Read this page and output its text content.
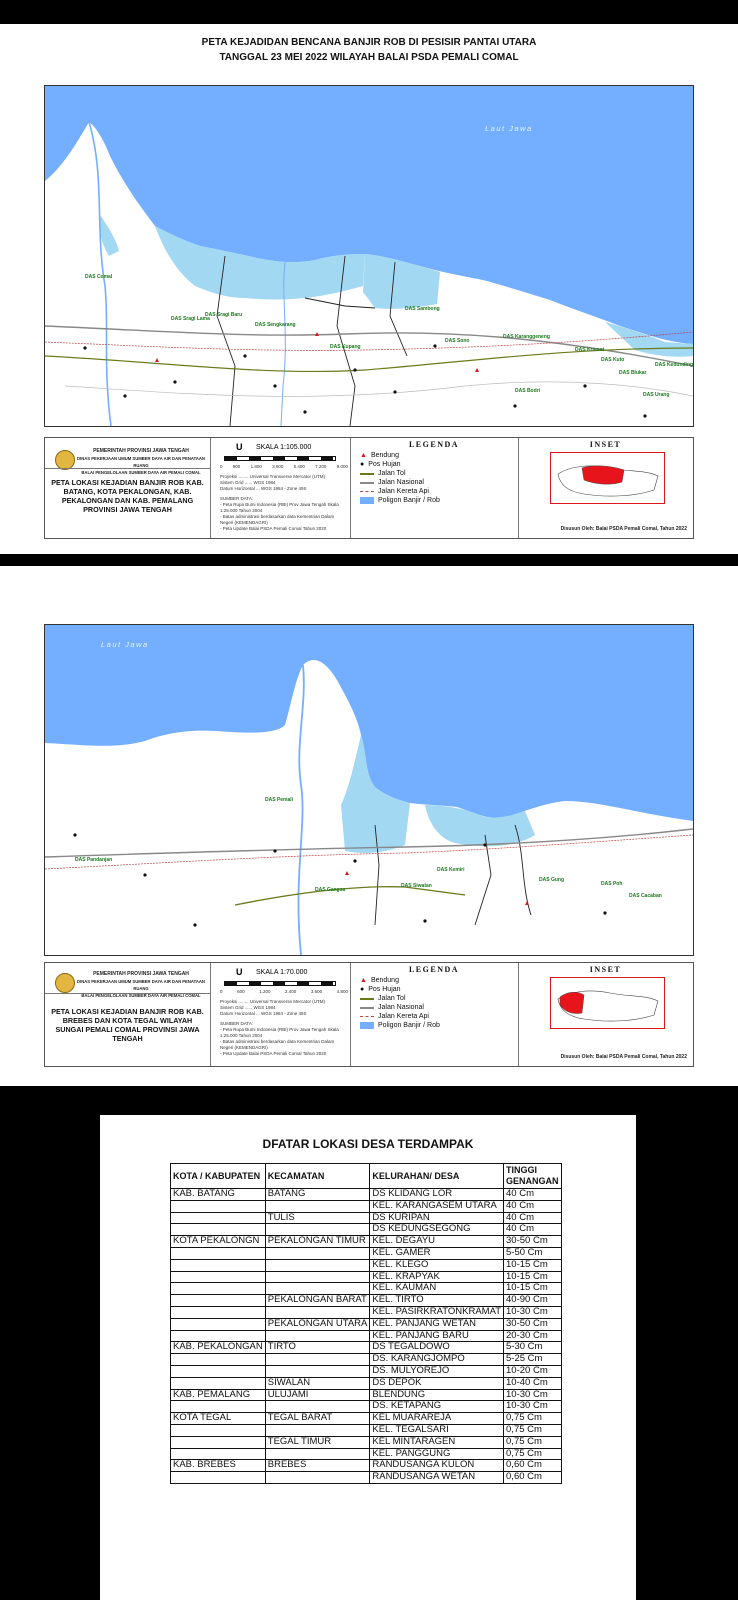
PETA KEJADIDAN BENCANA BANJIR ROB DI PESISIR PANTAI UTARA
TANGGAL 23 MEI 2022 WILAYAH BALAI PSDA PEMALI COMAL
DAS Comal
DAS Sragi Lama
DAS Sengkarang
DAS Sragi Baru
DAS Sambong
DAS Kupang
DAS Sono
DAS Karanggeneng
DAS Kramat
DAS Kuto
DAS Blukar
DAS Kedunding
DAS Urang
DAS Bodri
Laut Jawa
PEMERINTAH PROVINSI JAWA TENGAH
DINAS PEKERJAAN UMUM SUMBER DAYA AIR DAN PENATAAN RUANG
BALAI PENGELOLAAN SUMBER DAYA AIR PEMALI COMAL
PETA LOKASI KEJADIAN BANJIR ROB KAB. BATANG, KOTA PEKALONGAN, KAB. PEKALONGAN DAN KAB. PEMALANG PROVINSI JAWA TENGAH
U SKALA 1:105.000
0 900 1.800 3.600 5.400 7.200 9.000
Proyeksi ........ Universal Transverse Mercator (UTM)
Sistem Grid ...... WGS 1984
Datum Horizontal ... WGS 1984 - Zone 49S
SUMBER DATA:
- Peta Rupa Bumi Indonesia (RBI) Prov Jawa Tengah Skala 1:25.000 Tahun 2004
- Batas administrasi berdasarkan data Kementrian Dalam Negeri (KEMENDAGRI)
- Peta Update Balai PSDA Pemali Comal Tahun 2020
LEGENDA
▲ Bendung
● Pos Hujan
Jalan Tol
Jalan Nasional
Jalan Kereta Api
Poligon Banjir / Rob
INSET
Disusun Oleh: Balai PSDA Pemali Comal, Tahun 2022
DAS Pemali
DAS Pandanjan
DAS Gangsa
DAS Kemiri
DAS Siwatan
DAS Gung
DAS Poh
DAS Cacaban
Laut Jawa
PEMERINTAH PROVINSI JAWA TENGAH
DINAS PEKERJAAN UMUM SUMBER DAYA AIR DAN PENATAAN RUANG
BALAI PENGELOLAAN SUMBER DAYA AIR PEMALI COMAL
PETA LOKASI KEJADIAN BANJIR ROB KAB. BREBES DAN KOTA TEGAL WILAYAH SUNGAI PEMALI COMAL PROVINSI JAWA TENGAH
U SKALA 1:70.000
0	600	1.200	2.400	3.600	4.800
Proyeksi ........ Universal Transverse Mercator (UTM)
Sistem Grid ...... WGS 1984
Datum Horizontal ... WGS 1984 - Zone 49S
SUMBER DATA:
- Peta Rupa Bumi Indonesia (RBI) Prov Jawa Tengah Skala 1:25.000 Tahun 2004
- Batas administrasi berdasarkan data Kementrian Dalam Negeri (KEMENDAGRI)
- Peta Update Balai PSDA Pemali Comal Tahun 2020
LEGENDA
▲ Bendung
● Pos Hujan
Jalan Tol
Jalan Nasional
Jalan Kereta Api
Poligon Banjir / Rob
INSET
Disusun Oleh: Balai PSDA Pemali Comal, Tahun 2022
DFATAR LOKASI DESA TERDAMPAK
KOTA / KABUPATEN	KECAMATAN	KELURAHAN/ DESA	TINGGI GENANGAN
KAB. BATANG	BATANG	DS KLIDANG LOR	40 Cm
		KEL. KARANGASEM UTARA	40 Cm
	TULIS	DS KURIPAN	40 Cm
		DS KEDUNGSEGONG	40 Cm
KOTA PEKALONGN	PEKALONGAN TIMUR	KEL. DEGAYU	30-50 Cm
		KEL. GAMER	5-50 Cm
		KEL. KLEGO	10-15 Cm
		KEL. KRAPYAK	10-15 Cm
		KEL. KAUMAN	10-15 Cm
	PEKALONGAN BARAT	KEL. TIRTO	40-90 Cm
		KEL. PASIRKRATONKRAMAT	10-30 Cm
	PEKALONGAN UTARA	KEL. PANJANG WETAN	30-50 Cm
		KEL. PANJANG BARU	20-30 Cm
KAB. PEKALONGAN	TIRTO	DS TEGALDOWO	5-30 Cm
		DS. KARANGJOMPO	5-25 Cm
		DS. MULYOREJO	10-20 Cm
	SIWALAN	DS DEPOK	10-40 Cm
KAB. PEMALANG	ULUJAMI	BLENDUNG	10-30 Cm
		DS. KETAPANG	10-30 Cm
KOTA TEGAL	TEGAL BARAT	KEL MUARAREJA	0,75 Cm
		KEL. TEGALSARI	0,75 Cm
	TEGAL TIMUR	KEL MINTARAGEN	0,75 Cm
		KEL. PANGGUNG	0,75 Cm
KAB. BREBES	BREBES	RANDUSANGA KULON	0,60 Cm
		RANDUSANGA WETAN	0,60 Cm
